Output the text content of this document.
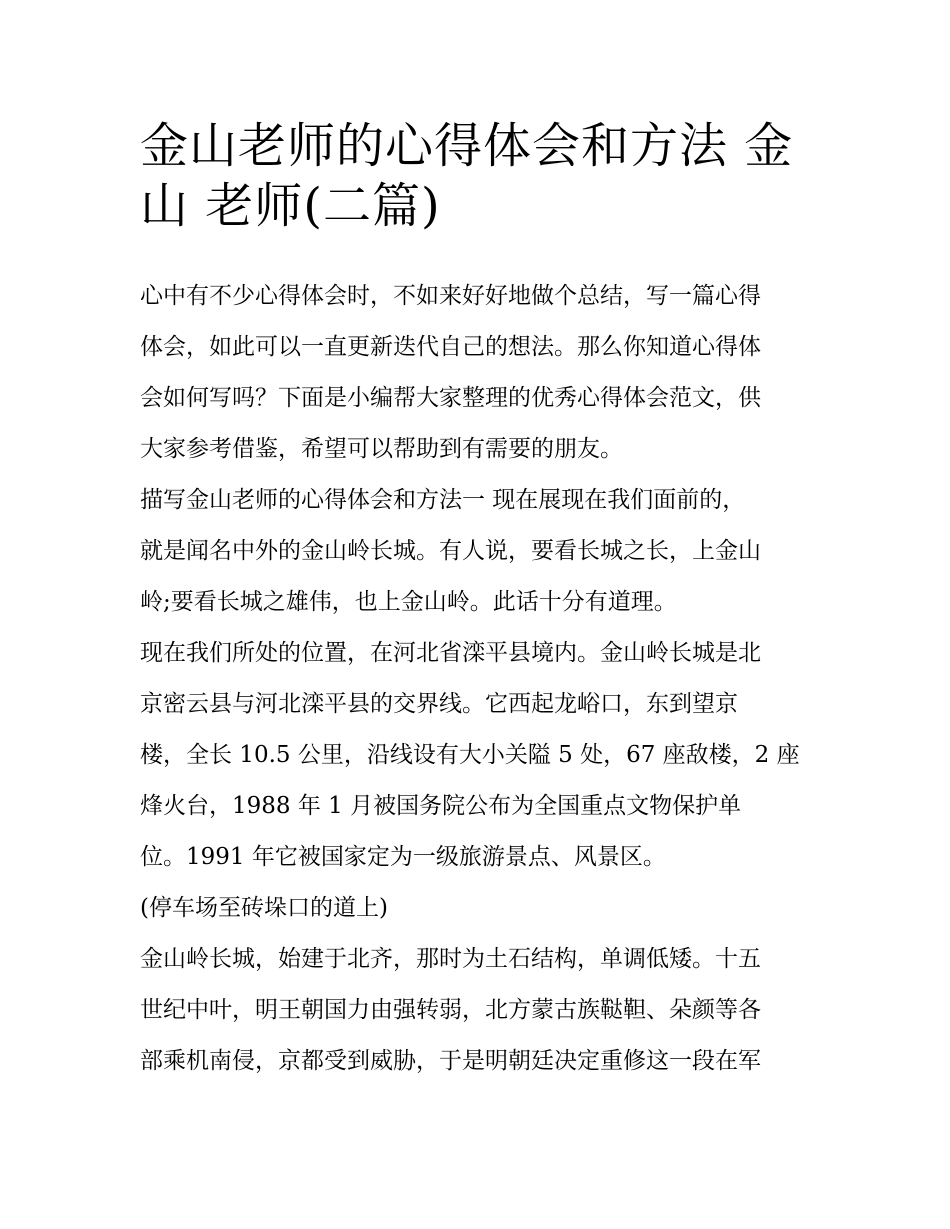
金山老师的心得体会和方法 金
山 老师(二篇)

心中有不少心得体会时，不如来好好地做个总结，写一篇心得
体会，如此可以一直更新迭代自己的想法。那么你知道心得体
会如何写吗？下面是小编帮大家整理的优秀心得体会范文，供
大家参考借鉴，希望可以帮助到有需要的朋友。

描写金山老师的心得体会和方法一 现在展现在我们面前的，
就是闻名中外的金山岭长城。有人说，要看长城之长，上金山
岭;要看长城之雄伟，也上金山岭。此话十分有道理。

现在我们所处的位置，在河北省滦平县境内。金山岭长城是北
京密云县与河北滦平县的交界线。它西起龙峪口，东到望京
楼，全长 10.5 公里，沿线设有大小关隘 5 处，67 座敌楼，2 座
烽火台，1988 年 1 月被国务院公布为全国重点文物保护单
位。1991 年它被国家定为一级旅游景点、风景区。

(停车场至砖垛口的道上)

金山岭长城，始建于北齐，那时为土石结构，单调低矮。十五
世纪中叶，明王朝国力由强转弱，北方蒙古族鞑靼、朵颜等各
部乘机南侵，京都受到威胁，于是明朝廷决定重修这一段在军
